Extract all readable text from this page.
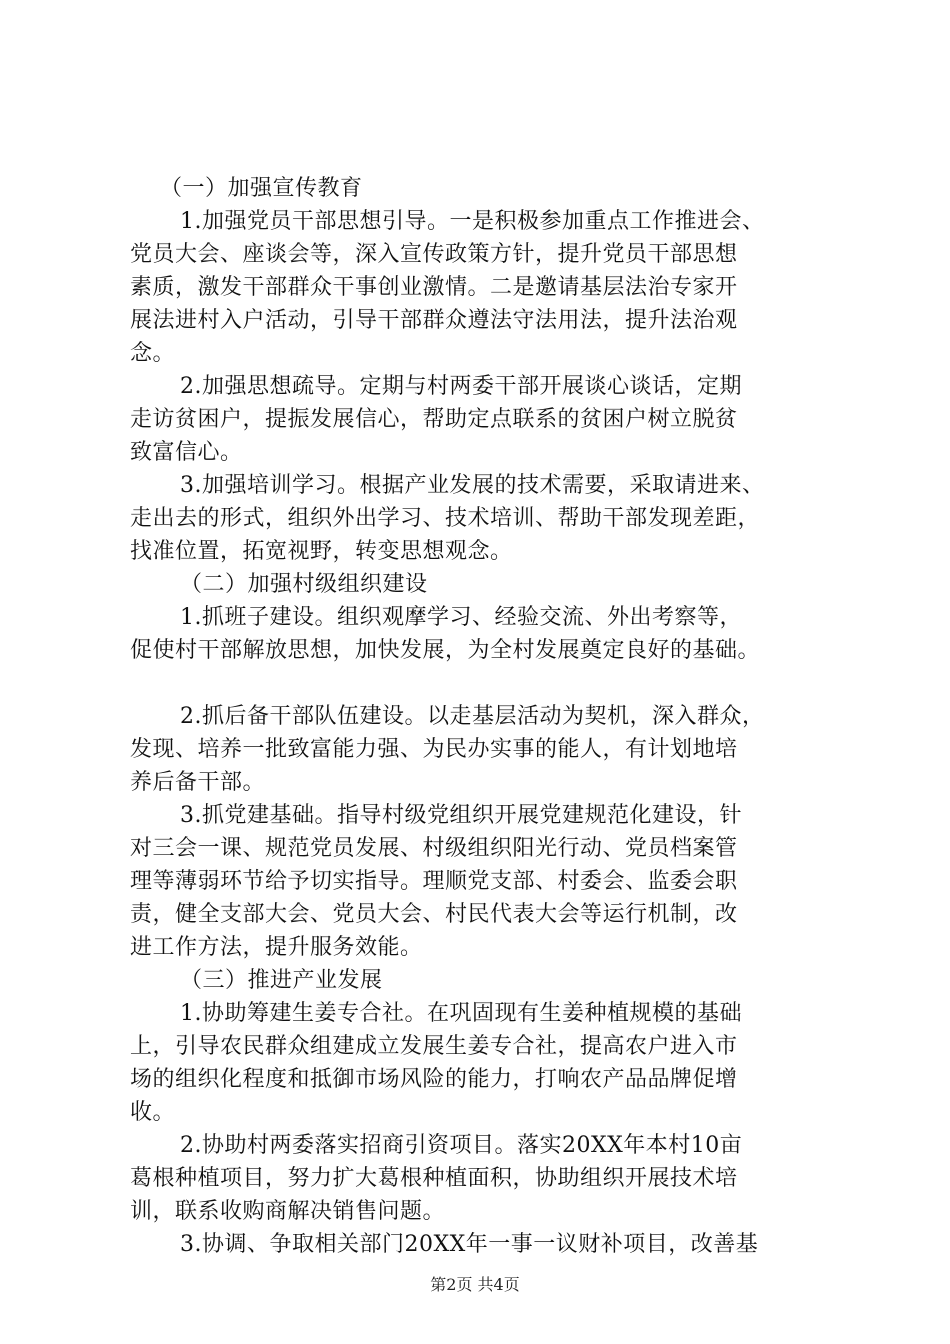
（一）加强宣传教育
1.加强党员干部思想引导。一是积极参加重点工作推进会、
党员大会、座谈会等，深入宣传政策方针，提升党员干部思想
素质，激发干部群众干事创业激情。二是邀请基层法治专家开
展法进村入户活动，引导干部群众遵法守法用法，提升法治观
念。
2.加强思想疏导。定期与村两委干部开展谈心谈话，定期
走访贫困户，提振发展信心，帮助定点联系的贫困户树立脱贫
致富信心。
3.加强培训学习。根据产业发展的技术需要，采取请进来、
走出去的形式，组织外出学习、技术培训、帮助干部发现差距，
找准位置，拓宽视野，转变思想观念。
（二）加强村级组织建设
1.抓班子建设。组织观摩学习、经验交流、外出考察等，
促使村干部解放思想，加快发展，为全村发展奠定良好的基础。
2.抓后备干部队伍建设。以走基层活动为契机，深入群众，
发现、培养一批致富能力强、为民办实事的能人，有计划地培
养后备干部。
3.抓党建基础。指导村级党组织开展党建规范化建设，针
对三会一课、规范党员发展、村级组织阳光行动、党员档案管
理等薄弱环节给予切实指导。理顺党支部、村委会、监委会职
责，健全支部大会、党员大会、村民代表大会等运行机制，改
进工作方法，提升服务效能。
（三）推进产业发展
1.协助筹建生姜专合社。在巩固现有生姜种植规模的基础
上，引导农民群众组建成立发展生姜专合社，提高农户进入市
场的组织化程度和抵御市场风险的能力，打响农产品品牌促增
收。
2.协助村两委落实招商引资项目。落实20XX年本村10亩
葛根种植项目，努力扩大葛根种植面积，协助组织开展技术培
训，联系收购商解决销售问题。
3.协调、争取相关部门20XX年一事一议财补项目，改善基
第2页 共4页
